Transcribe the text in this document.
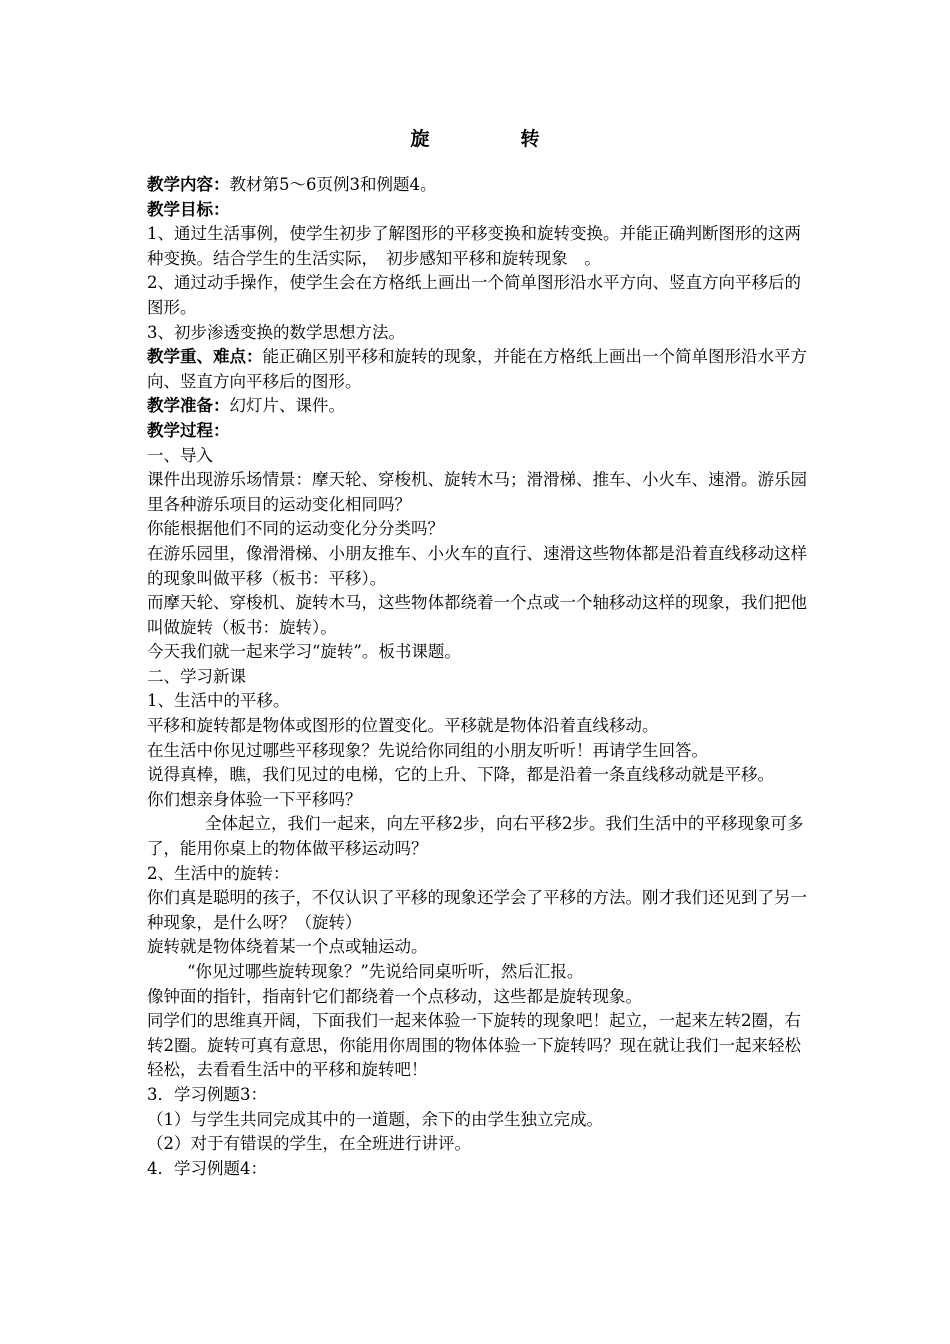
旋　转

教学内容：教材第5～6页例3和例题4。

教学目标：

1、通过生活事例，使学生初步了解图形的平移变换和旋转变换。并能正确判断图形的这两种变换。结合学生的生活实际，　初步感知平移和旋转现象　。

2、通过动手操作，使学生会在方格纸上画出一个简单图形沿水平方向、竖直方向平移后的图形。

3、初步渗透变换的数学思想方法。

教学重、难点：能正确区别平移和旋转的现象，并能在方格纸上画出一个简单图形沿水平方向、竖直方向平移后的图形。

教学准备：幻灯片、课件。

教学过程：

一、导入

课件出现游乐场情景：摩天轮、穿梭机、旋转木马；滑滑梯、推车、小火车、速滑。游乐园里各种游乐项目的运动变化相同吗？

你能根据他们不同的运动变化分分类吗？

在游乐园里，像滑滑梯、小朋友推车、小火车的直行、速滑这些物体都是沿着直线移动这样的现象叫做平移（板书：平移）。

而摩天轮、穿梭机、旋转木马，这些物体都绕着一个点或一个轴移动这样的现象，我们把他叫做旋转（板书：旋转）。

今天我们就一起来学习“旋转”。板书课题。

二、学习新课

1、生活中的平移。

平移和旋转都是物体或图形的位置变化。平移就是物体沿着直线移动。

在生活中你见过哪些平移现象？先说给你同组的小朋友听听！再请学生回答。

说得真棒，瞧，我们见过的电梯，它的上升、下降，都是沿着一条直线移动就是平移。

你们想亲身体验一下平移吗？

全体起立，我们一起来，向左平移2步，向右平移2步。我们生活中的平移现象可多了，能用你桌上的物体做平移运动吗？

2、生活中的旋转：

你们真是聪明的孩子，不仅认识了平移的现象还学会了平移的方法。刚才我们还见到了另一种现象，是什么呀？（旋转）

旋转就是物体绕着某一个点或轴运动。

“你见过哪些旋转现象？”先说给同桌听听，然后汇报。

像钟面的指针，指南针它们都绕着一个点移动，这些都是旋转现象。

同学们的思维真开阔，下面我们一起来体验一下旋转的现象吧！起立，一起来左转2圈，右转2圈。旋转可真有意思，你能用你周围的物体体验一下旋转吗？现在就让我们一起来轻松轻松，去看看生活中的平移和旋转吧！

3．学习例题3：

（1）与学生共同完成其中的一道题，余下的由学生独立完成。

（2）对于有错误的学生，在全班进行讲评。

4．学习例题4：
